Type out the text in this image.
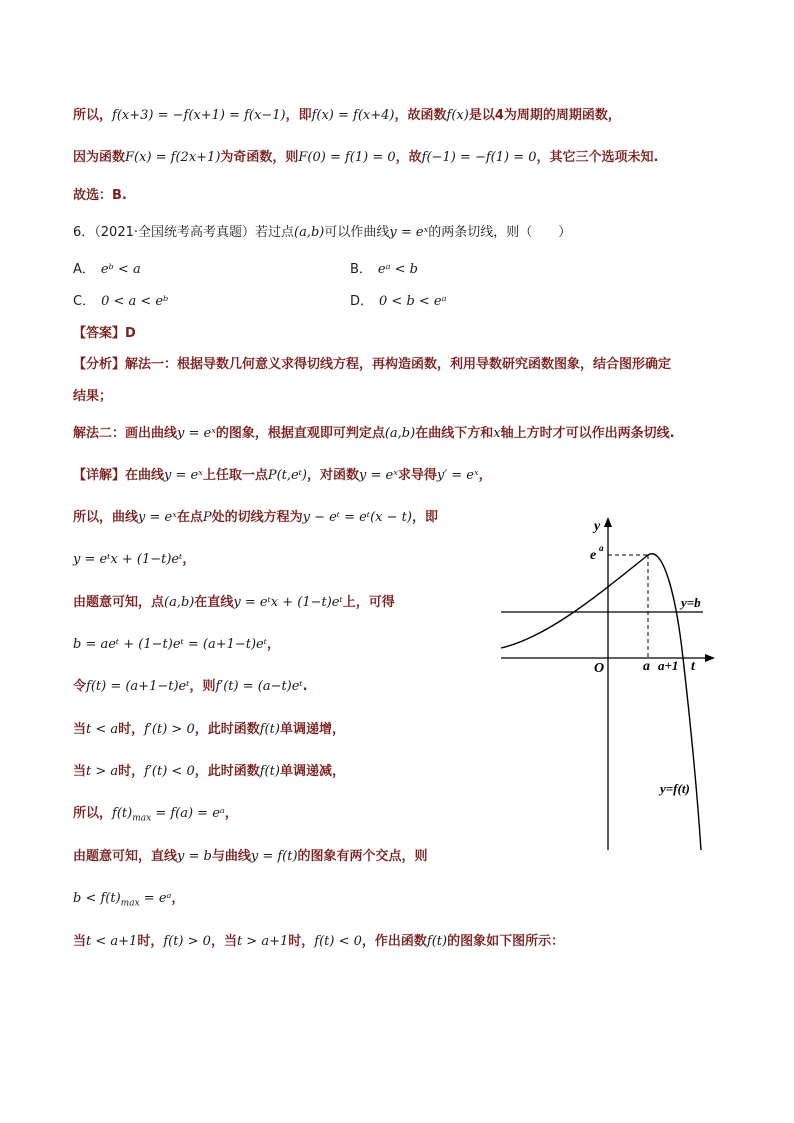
所以，f(x+3) = −f(x+1) = f(x−1)，即f(x) = f(x+4)，故函数f(x)是以4为周期的周期函数，
因为函数F(x) = f(2x+1)为奇函数，则F(0) = f(1) = 0，故f(−1) = −f(1) = 0，其它三个选项未知.
故选：B.
6．（2021·全国统考高考真题）若过点(a,b)可以作曲线y = eˣ的两条切线，则（　　）
A． eᵇ < a	B． eᵃ < b
C． 0 < a < eᵇ	D． 0 < b < eᵃ
【答案】D
【分析】解法一：根据导数几何意义求得切线方程，再构造函数，利用导数研究函数图象，结合图形确定
结果；
解法二：画出曲线y = eˣ的图象，根据直观即可判定点(a,b)在曲线下方和x轴上方时才可以作出两条切线.
【详解】在曲线y = eˣ上任取一点P(t,eᵗ)，对函数y = eˣ求导得y′ = eˣ，
所以，曲线y = eˣ在点P处的切线方程为y − eᵗ = eᵗ(x − t)，即
y = eᵗx + (1−t)eᵗ，
由题意可知，点(a,b)在直线y = eᵗx + (1−t)eᵗ上，可得
b = aeᵗ + (1−t)eᵗ = (a+1−t)eᵗ，
令f(t) = (a+1−t)eᵗ，则f′(t) = (a−t)eᵗ.
当t < a时，f′(t) > 0，此时函数f(t)单调递增，
当t > a时，f′(t) < 0，此时函数f(t)单调递减，
所以，$f(t)_{max} = f(a)$ = eᵃ，
由题意可知，直线y = b与曲线y = f(t)的图象有两个交点，则
$b < f(t)_{max}$ = eᵃ，
当t < a+1时，f(t) > 0，当t > a+1时，f(t) < 0，作出函数f(t)的图象如下图所示：
y
e a
y=b
O	a a+1 t
y=f(t)
